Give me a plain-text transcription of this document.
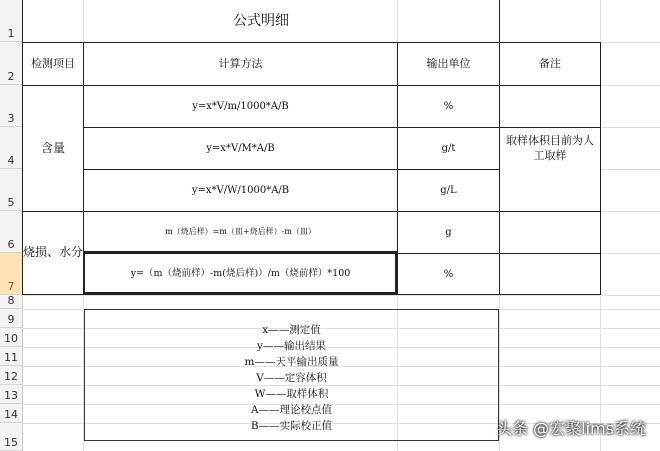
1
2
3
4
5
6
7
8
9
10
11
12
13
14
15
公式明细
检测项目	计算方法	输出单位	备注
含量
y=x*V/m/1000*A/B	%
y=x*V/M*A/B	g/t
y=x*V/W/1000*A/B	g/L
取样体积目前为人工取样
烧损、水分
m（烧后样）=m（皿+烧后样）-m（皿）	g
y=（m（烧前样）-m(烧后样)）/m（烧前样）*100	%
x——测定值
y——输出结果
m——天平输出质量
V——定容体积
W——取样体积
A——理论校点值
B——实际校正值	头条 @宏聚lims系统
